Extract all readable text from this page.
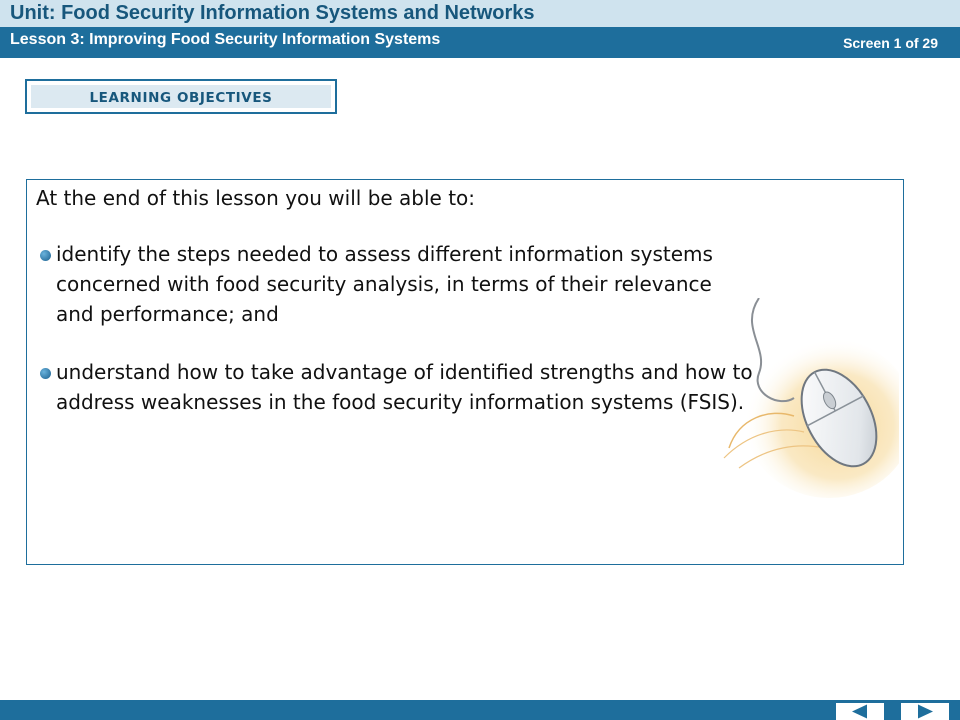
Unit: Food Security Information Systems and Networks
Lesson 3: Improving Food Security Information Systems	Screen 1 of 29
LEARNING OBJECTIVES
At the end of this lesson you will be able to:
identify the steps needed to assess different information systems
concerned with food security analysis, in terms of their relevance
and performance; and
understand how to take advantage of identified strengths and how to
address weaknesses in the food security information systems (FSIS).
